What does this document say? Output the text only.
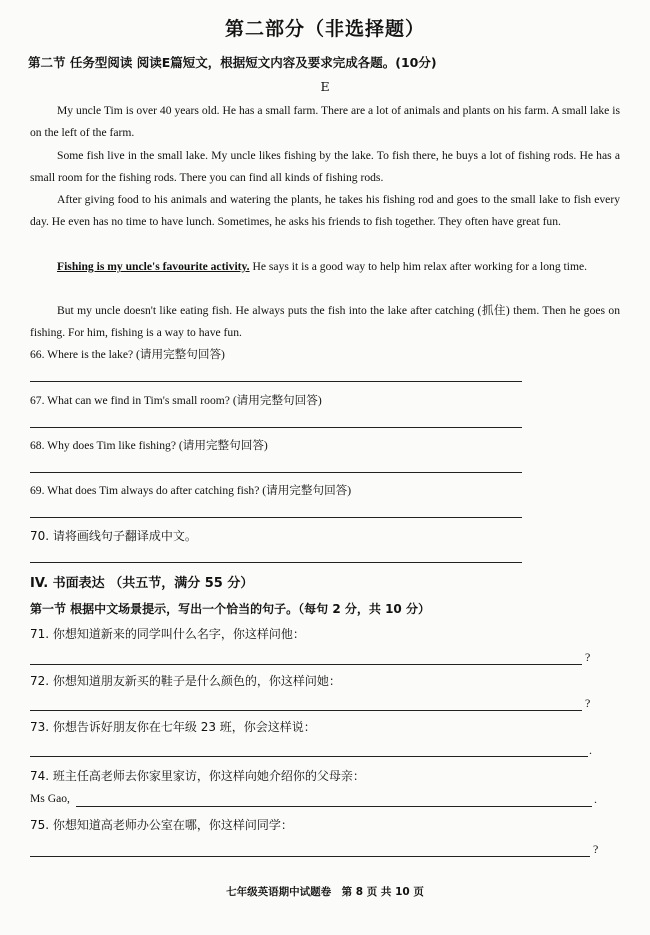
第二部分（非选择题）
第二节 任务型阅读 阅读E篇短文，根据短文内容及要求完成各题。(10分)
E
My uncle Tim is over 40 years old. He has a small farm. There are a lot of animals and plants on his farm. A small lake is on the left of the farm.
Some fish live in the small lake. My uncle likes fishing by the lake. To fish there, he buys a lot of fishing rods. He has a small room for the fishing rods. There you can find all kinds of fishing rods.
After giving food to his animals and watering the plants, he takes his fishing rod and goes to the small lake to fish every day. He even has no time to have lunch. Sometimes, he asks his friends to fish together. They often have great fun.
Fishing is my uncle's favourite activity. He says it is a good way to help him relax after working for a long time.
But my uncle doesn't like eating fish. He always puts the fish into the lake after catching (抓住) them. Then he goes on fishing. For him, fishing is a way to have fun.
66. Where is the lake? (请用完整句回答)
67. What can we find in Tim's small room? (请用完整句回答)
68. Why does Tim like fishing? (请用完整句回答)
69. What does Tim always do after catching fish? (请用完整句回答)
70. 请将画线句子翻译成中文。
IV. 书面表达 （共五节，满分 55 分）
第一节 根据中文场景提示，写出一个恰当的句子。（每句 2 分，共 10 分）
71. 你想知道新来的同学叫什么名字，你这样问他：
?
72. 你想知道朋友新买的鞋子是什么颜色的，你这样问她：
?
73. 你想告诉好朋友你在七年级 23 班，你会这样说：
.
74. 班主任高老师去你家里家访，你这样向她介绍你的父母亲：
Ms Gao,	.
75. 你想知道高老师办公室在哪，你这样问同学：
?
七年级英语期中试题卷　第 8 页 共 10 页
